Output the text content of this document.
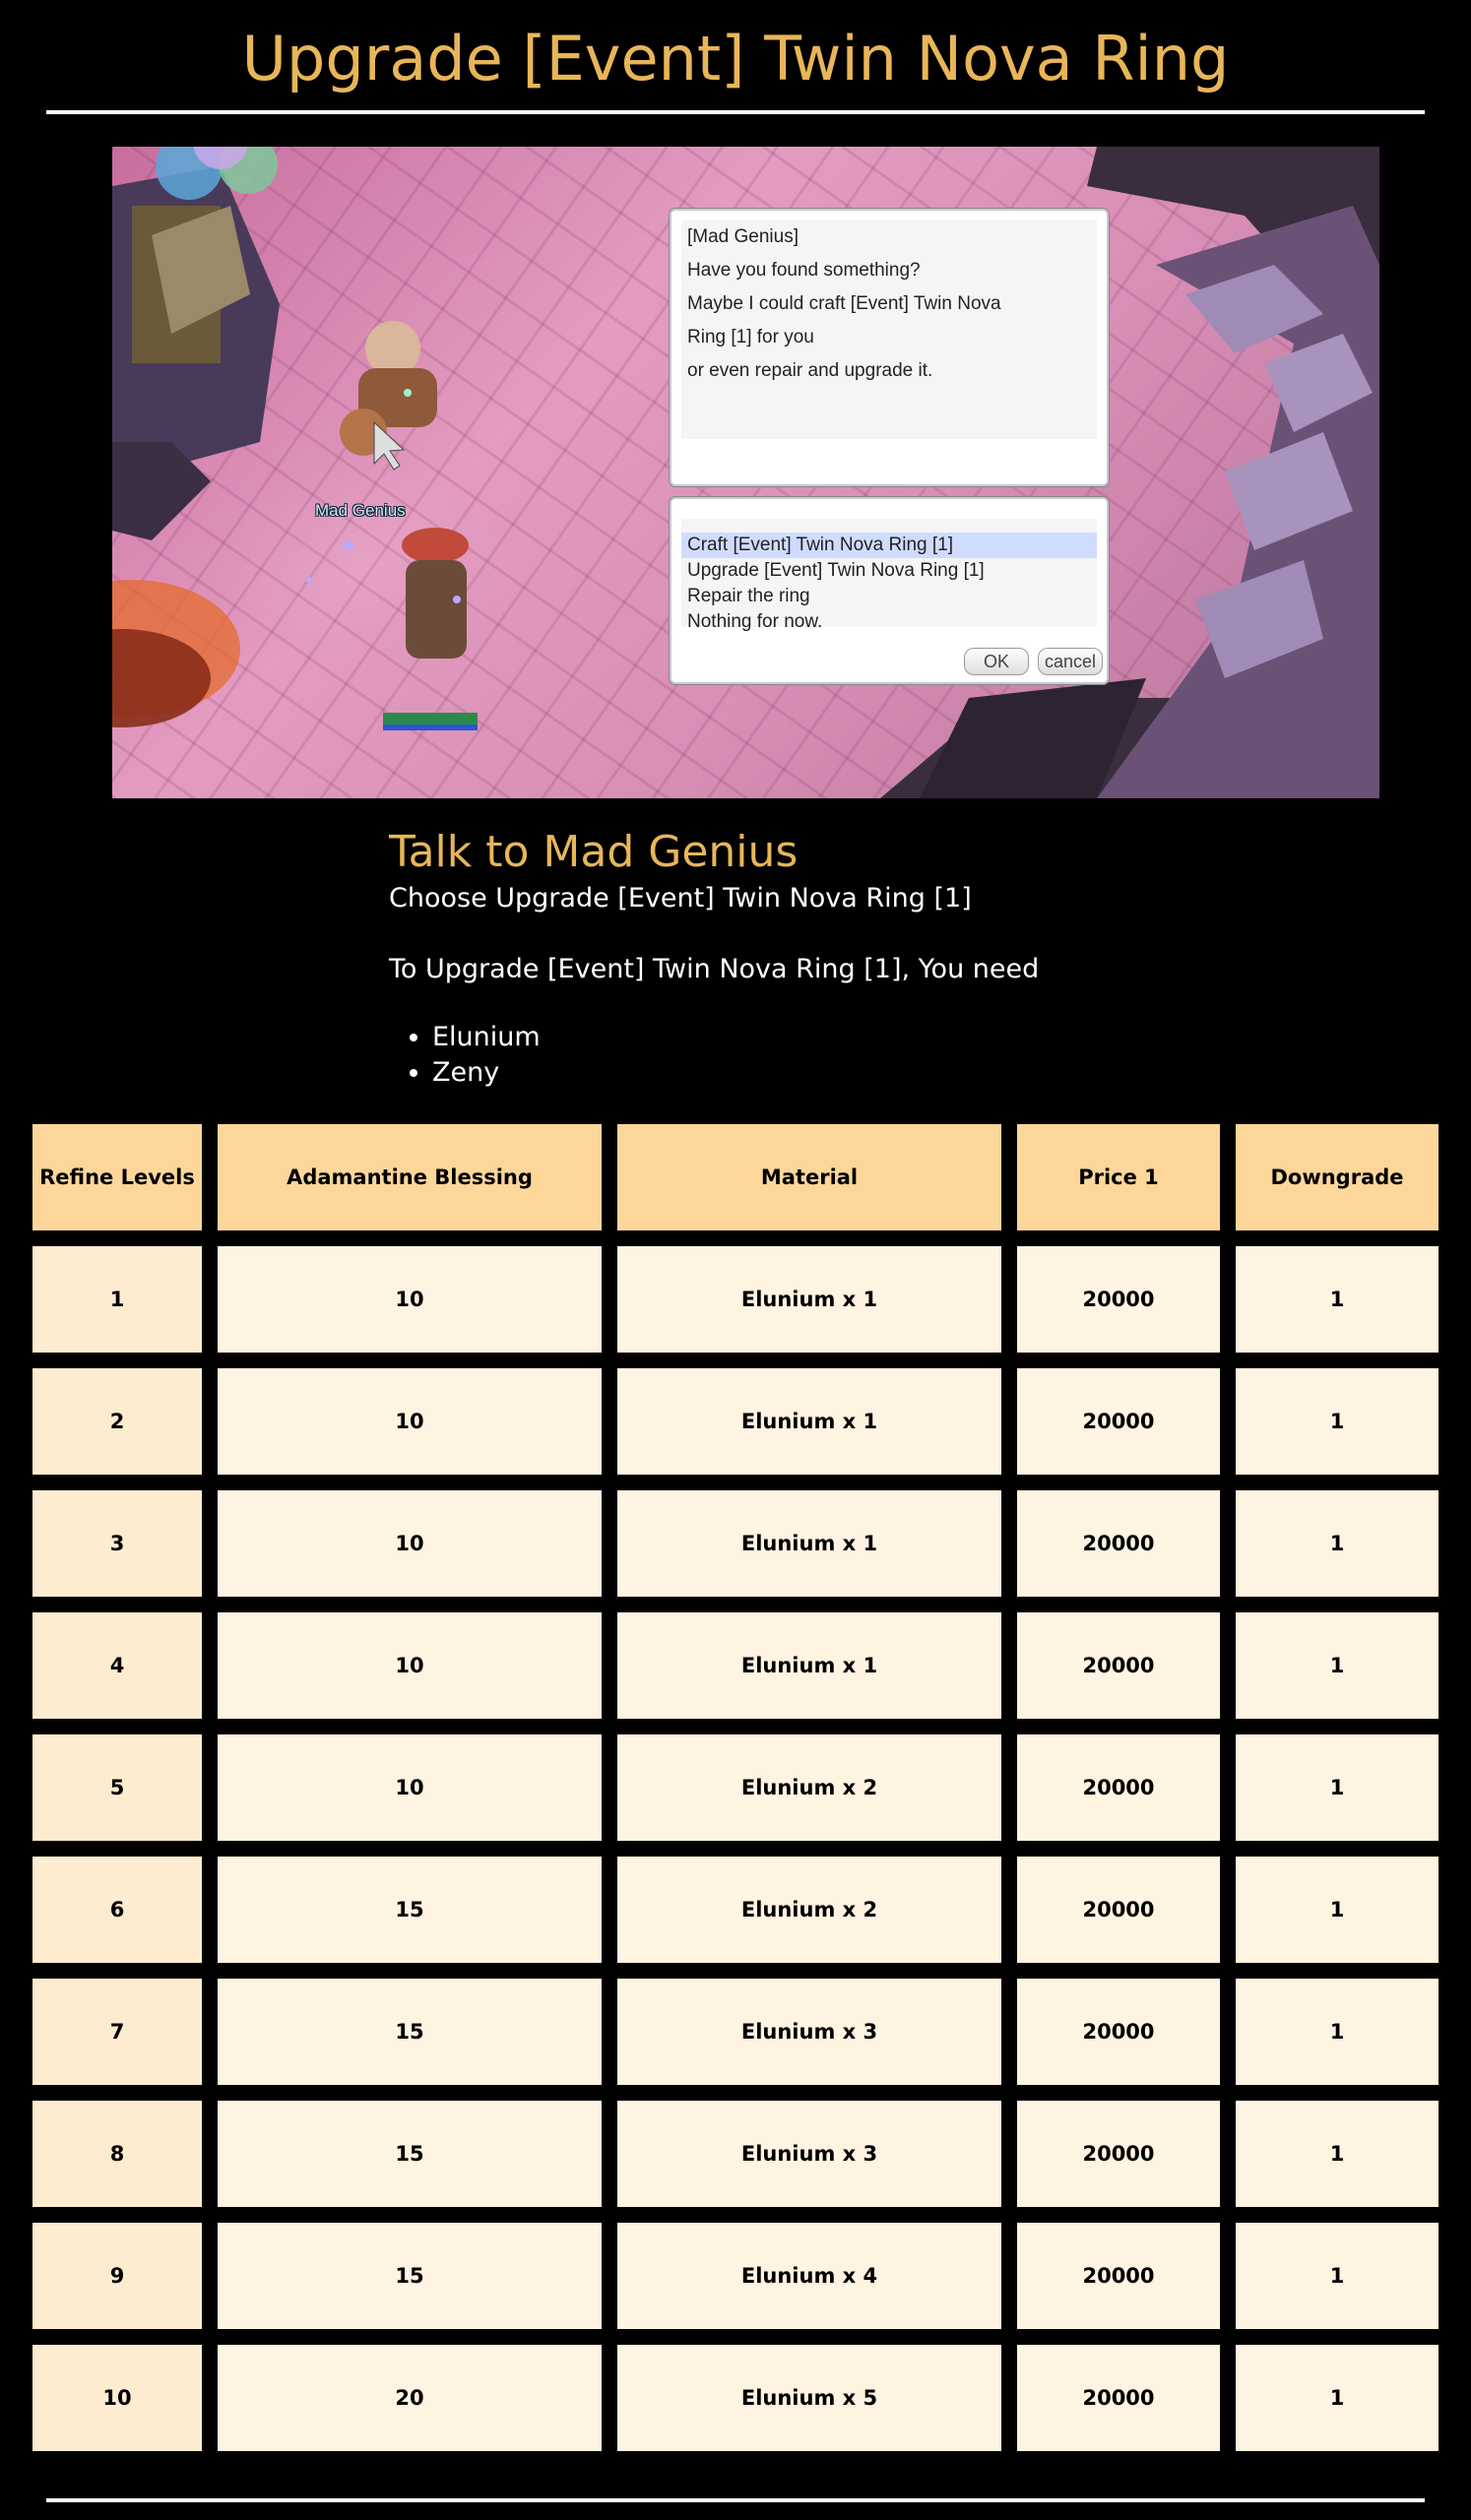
Upgrade [Event] Twin Nova Ring
Mad Genius
[Mad Genius]
Have you found something?
Maybe I could craft [Event] Twin Nova
Ring [1] for you
or even repair and upgrade it.
Craft [Event] Twin Nova Ring [1]
Upgrade [Event] Twin Nova Ring [1]
Repair the ring
Nothing for now.
OK	cancel
Talk to Mad Genius
Choose Upgrade [Event] Twin Nova Ring [1]
To Upgrade [Event] Twin Nova Ring [1], You need
• Elunium
• Zeny
Refine Levels	Adamantine Blessing	Material	Price 1	Downgrade
1	10	Elunium x 1	20000	1
2	10	Elunium x 1	20000	1
3	10	Elunium x 1	20000	1
4	10	Elunium x 1	20000	1
5	10	Elunium x 2	20000	1
6	15	Elunium x 2	20000	1
7	15	Elunium x 3	20000	1
8	15	Elunium x 3	20000	1
9	15	Elunium x 4	20000	1
10	20	Elunium x 5	20000	1
